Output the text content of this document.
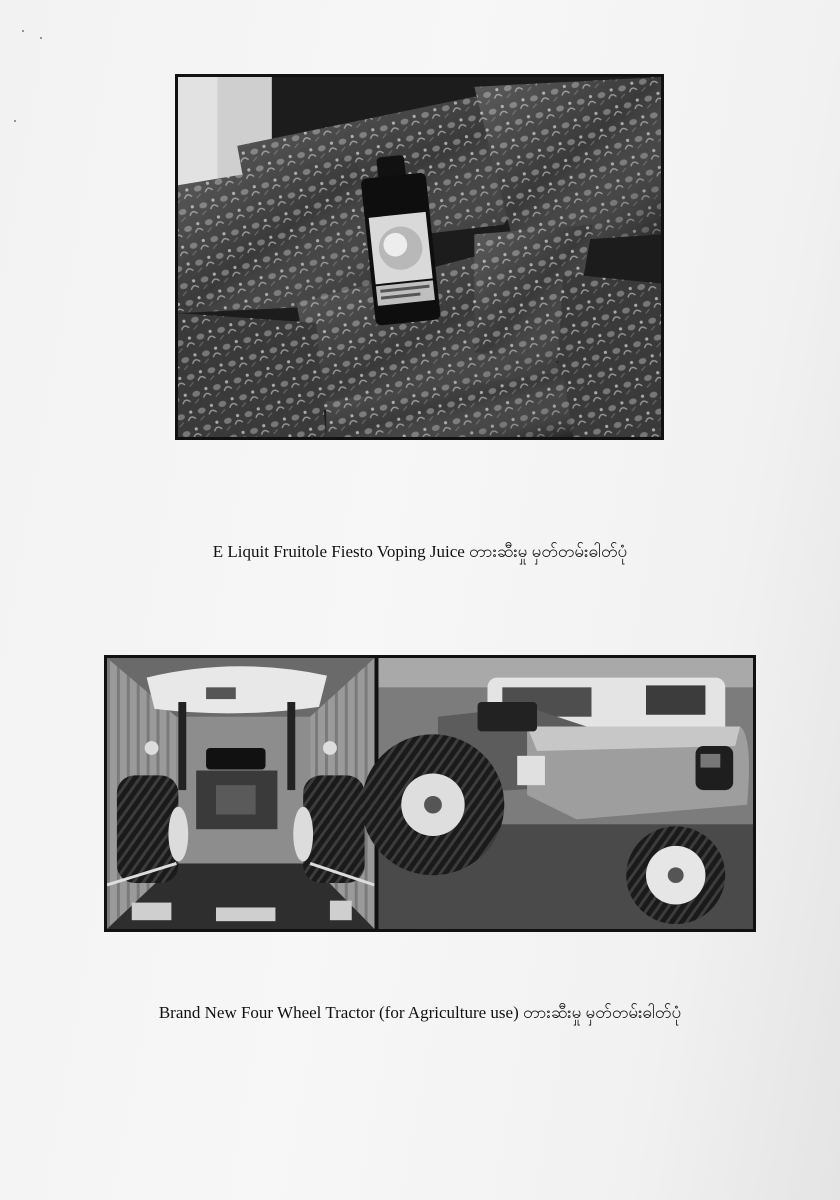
E Liquit Fruitole Fiesto Voping Juice တားဆီးမှု မှတ်တမ်းဓါတ်ပုံ
Brand New Four Wheel Tractor (for Agriculture use) တားဆီးမှု မှတ်တမ်းဓါတ်ပုံ
